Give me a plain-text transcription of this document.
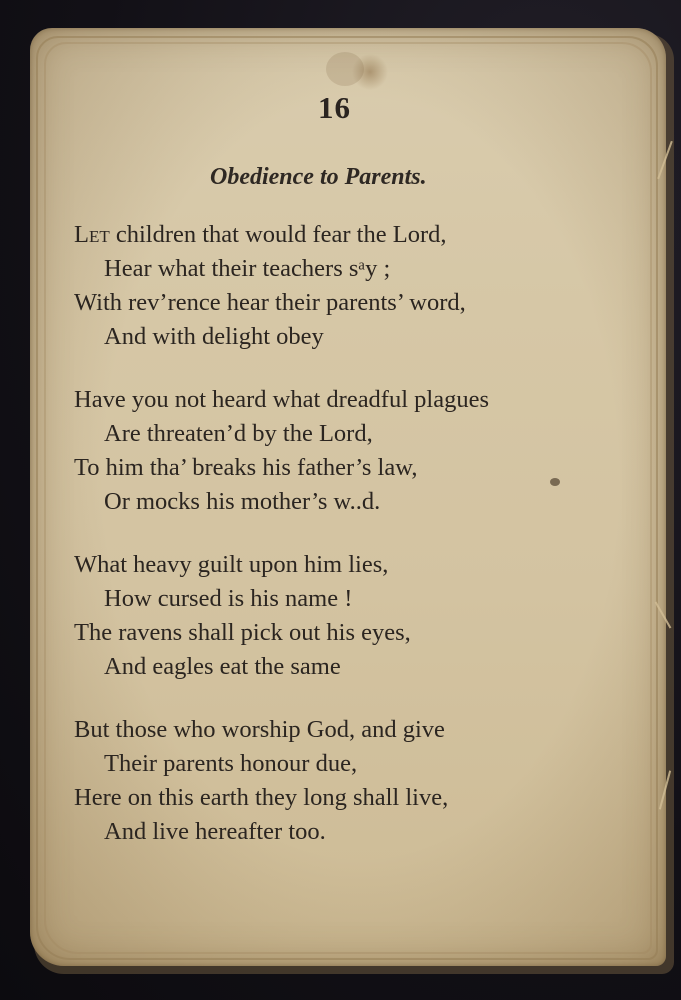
16
Obedience to Parents.
Let children that would fear the Lord,
Hear what their teachers sᵃy ;
With rev’rence hear their parents’ word,
And with delight obey
Have you not heard what dreadful plagues
Are threaten’d by the Lord,
To him tha’ breaks his father’s law,
Or mocks his mother’s w..d.
What heavy guilt upon him lies,
How cursed is his name !
The ravens shall pick out his eyes,
And eagles eat the same
But those who worship God, and give
Their parents honour due,
Here on this earth they long shall live,
And live hereafter too.
